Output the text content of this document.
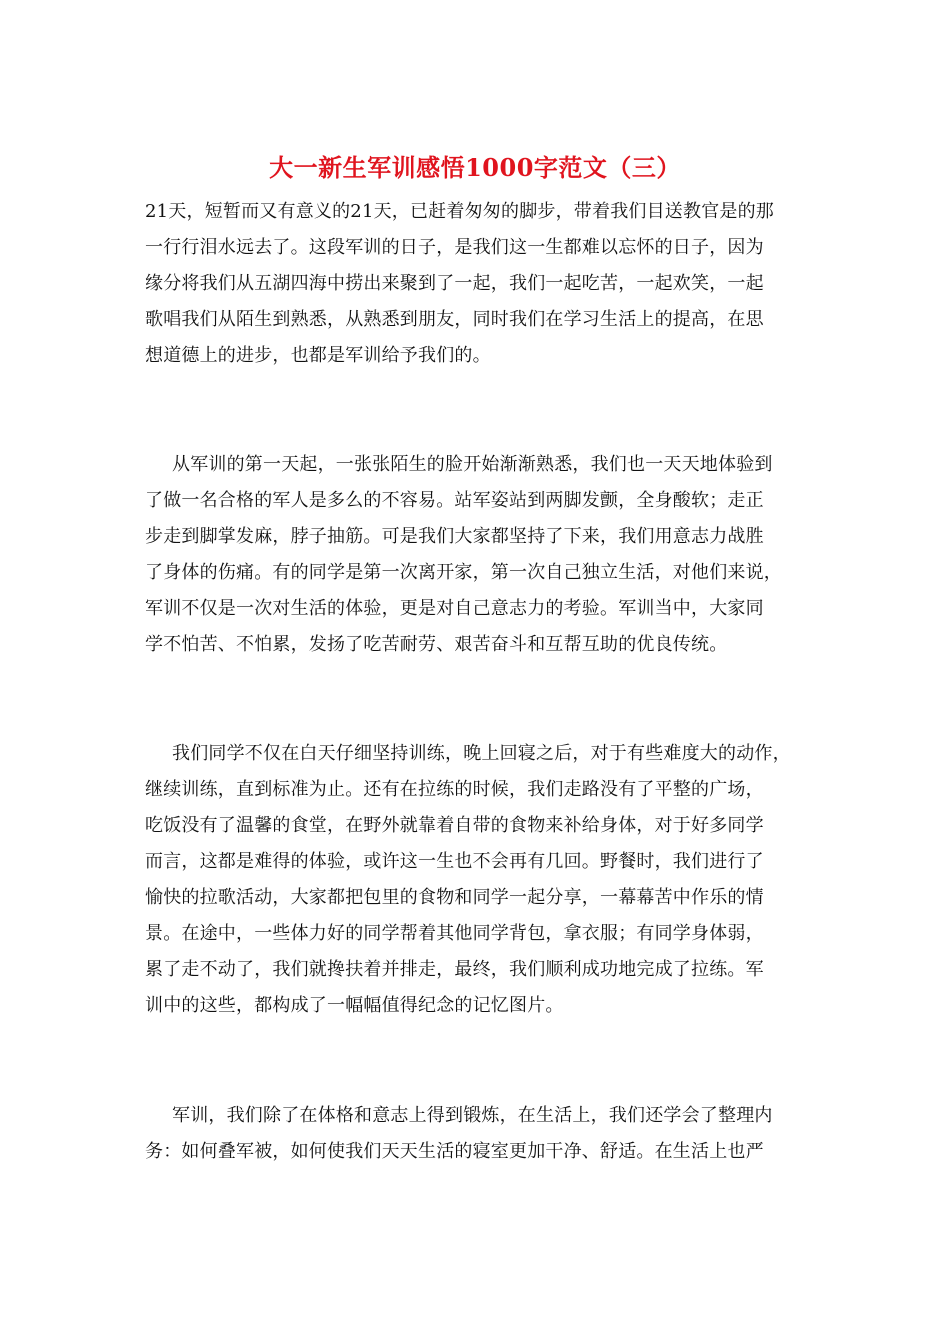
大一新生军训感悟1000字范文（三）
21天，短暂而又有意义的21天，已赶着匆匆的脚步，带着我们目送教官是的那
一行行泪水远去了。这段军训的日子，是我们这一生都难以忘怀的日子，因为
缘分将我们从五湖四海中捞出来聚到了一起，我们一起吃苦，一起欢笑，一起
歌唱我们从陌生到熟悉，从熟悉到朋友，同时我们在学习生活上的提高，在思
想道德上的进步，也都是军训给予我们的。
从军训的第一天起，一张张陌生的脸开始渐渐熟悉，我们也一天天地体验到
了做一名合格的军人是多么的不容易。站军姿站到两脚发颤，全身酸软；走正
步走到脚掌发麻，脖子抽筋。可是我们大家都坚持了下来，我们用意志力战胜
了身体的伤痛。有的同学是第一次离开家，第一次自己独立生活，对他们来说，
军训不仅是一次对生活的体验，更是对自己意志力的考验。军训当中，大家同
学不怕苦、不怕累，发扬了吃苦耐劳、艰苦奋斗和互帮互助的优良传统。
我们同学不仅在白天仔细坚持训练，晚上回寝之后，对于有些难度大的动作，
继续训练，直到标准为止。还有在拉练的时候，我们走路没有了平整的广场，
吃饭没有了温馨的食堂，在野外就靠着自带的食物来补给身体，对于好多同学
而言，这都是难得的体验，或许这一生也不会再有几回。野餐时，我们进行了
愉快的拉歌活动，大家都把包里的食物和同学一起分享，一幕幕苦中作乐的情
景。在途中，一些体力好的同学帮着其他同学背包，拿衣服；有同学身体弱，
累了走不动了，我们就搀扶着并排走，最终，我们顺利成功地完成了拉练。军
训中的这些，都构成了一幅幅值得纪念的记忆图片。
军训，我们除了在体格和意志上得到锻炼，在生活上，我们还学会了整理内
务：如何叠军被，如何使我们天天生活的寝室更加干净、舒适。在生活上也严
